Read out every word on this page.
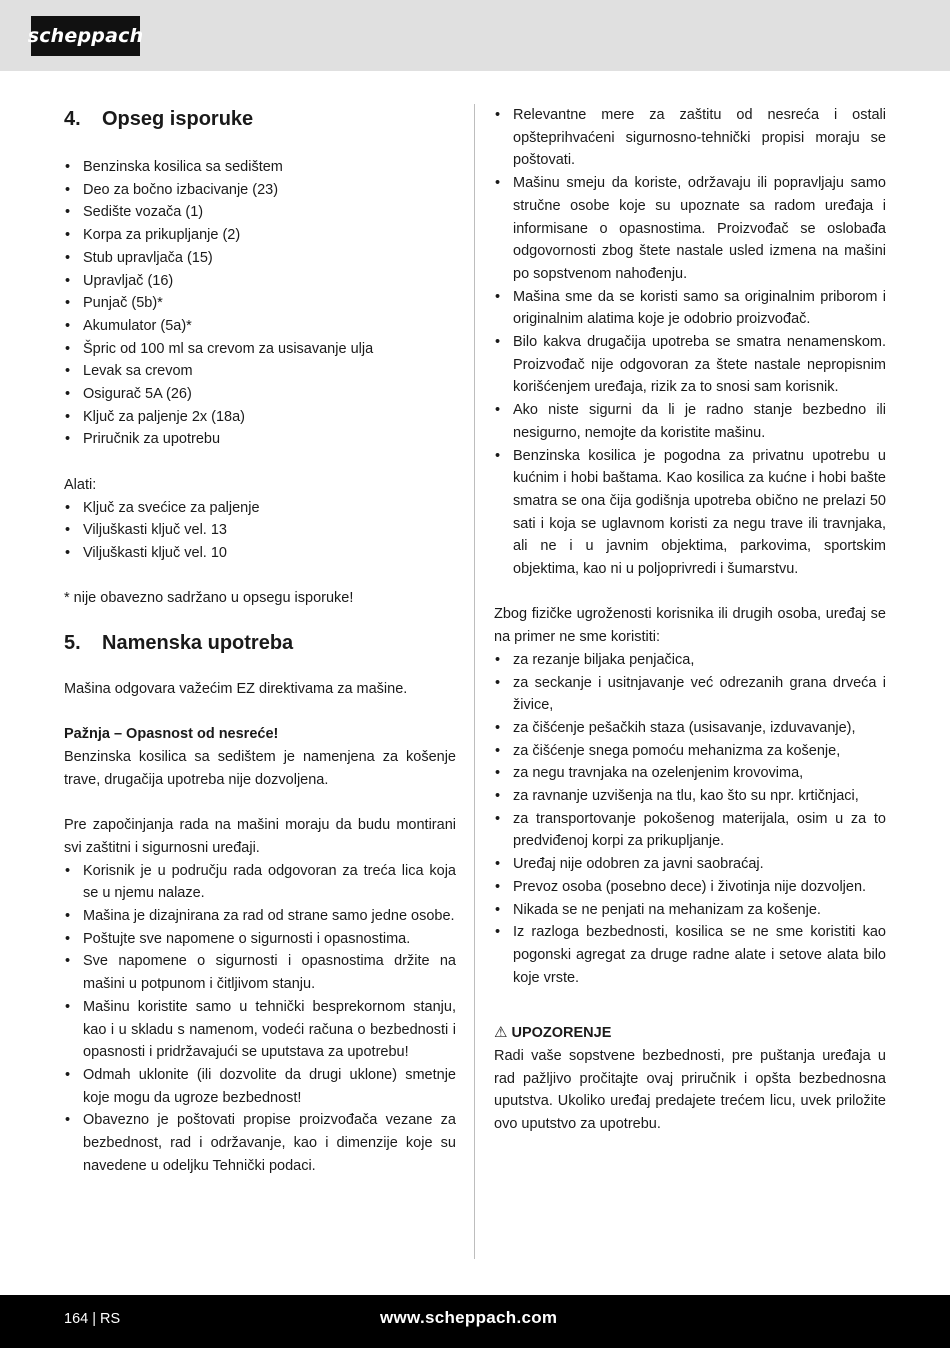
scheppach
4. Opseg isporuke
• Benzinska kosilica sa sedištem
• Deo za bočno izbacivanje (23)
• Sedište vozača (1)
• Korpa za prikupljanje (2)
• Stub upravljača (15)
• Upravljač (16)
• Punjač (5b)*
• Akumulator (5a)*
• Špric od 100 ml sa crevom za usisavanje ulja
• Levak sa crevom
• Osigurač 5A (26)
• Ključ za paljenje 2x (18a)
• Priručnik za upotrebu

Alati:

• Ključ za svećice za paljenje
• Viljuškasti ključ vel. 13
• Viljuškasti ključ vel. 10

* nije obavezno sadržano u opsegu isporuke!

5. Namenska upotreba

Mašina odgovara važećim EZ direktivama za mašine.

Pažnja – Opasnost od nesreće!

Benzinska kosilica sa sedištem je namenjena za košenje trave, drugačija upotreba nije dozvoljena.

Pre započinjanja rada na mašini moraju da budu montirani svi zaštitni i sigurnosni uređaji.

• Korisnik je u području rada odgovoran za treća lica koja se u njemu nalaze.
• Mašina je dizajnirana za rad od strane samo jedne osobe.
• Poštujte sve napomene o sigurnosti i opasnostima.
• Sve napomene o sigurnosti i opasnostima držite na mašini u potpunom i čitljivom stanju.
• Mašinu koristite samo u tehnički besprekornom stanju, kao i u skladu s namenom, vodeći računa o bezbednosti i opasnosti i pridržavajući se uputstava za upotrebu!
• Odmah uklonite (ili dozvolite da drugi uklone) smetnje koje mogu da ugroze bezbednost!
• Obavezno je poštovati propise proizvođača vezane za bezbednost, rad i održavanje, kao i dimenzije koje su navedene u odeljku Tehnički podaci.
• Relevantne mere za zaštitu od nesreća i ostali opšteprihvaćeni sigurnosno-tehnički propisi moraju se poštovati.
• Mašinu smeju da koriste, održavaju ili popravljaju samo stručne osobe koje su upoznate sa radom uređaja i informisane o opasnostima. Proizvođač se oslobađa odgovornosti zbog štete nastale usled izmena na mašini po sopstvenom nahođenju.
• Mašina sme da se koristi samo sa originalnim priborom i originalnim alatima koje je odobrio proizvođač.
• Bilo kakva drugačija upotreba se smatra nenamenskom. Proizvođač nije odgovoran za štete nastale nepropisnim korišćenjem uređaja, rizik za to snosi sam korisnik.
• Ako niste sigurni da li je radno stanje bezbedno ili nesigurno, nemojte da koristite mašinu.
• Benzinska kosilica je pogodna za privatnu upotrebu u kućnim i hobi baštama. Kao kosilica za kućne i hobi bašte smatra se ona čija godišnja upotreba obično ne prelazi 50 sati i koja se uglavnom koristi za negu trave ili travnjaka, ali ne i u javnim objektima, parkovima, sportskim objektima, kao ni u poljoprivredi i šumarstvu.

Zbog fizičke ugroženosti korisnika ili drugih osoba, uređaj se na primer ne sme koristiti:

• za rezanje biljaka penjačica,
• za seckanje i usitnjavanje već odrezanih grana drveća i živice,
• za čišćenje pešačkih staza (usisavanje, izduvavanje),
• za čišćenje snega pomoću mehanizma za košenje,
• za negu travnjaka na ozelenjenim krovovima,
• za ravnanje uzvišenja na tlu, kao što su npr. krtičnjaci,
• za transportovanje pokošenog materijala, osim u za to predviđenoj korpi za prikupljanje.
• Uređaj nije odobren za javni saobraćaj.
• Prevoz osoba (posebno dece) i životinja nije dozvoljen.
• Nikada se ne penjati na mehanizam za košenje.
• Iz razloga bezbednosti, kosilica se ne sme koristiti kao pogonski agregat za druge radne alate i setove alata bilo koje vrste.

⚠ UPOZORENJE

Radi vaše sopstvene bezbednosti, pre puštanja uređaja u rad pažljivo pročitajte ovaj priručnik i opšta bezbednosna uputstva. Ukoliko uređaj predajete trećem licu, uvek priložite ovo uputstvo za upotrebu.

164 | RS	www.scheppach.com
